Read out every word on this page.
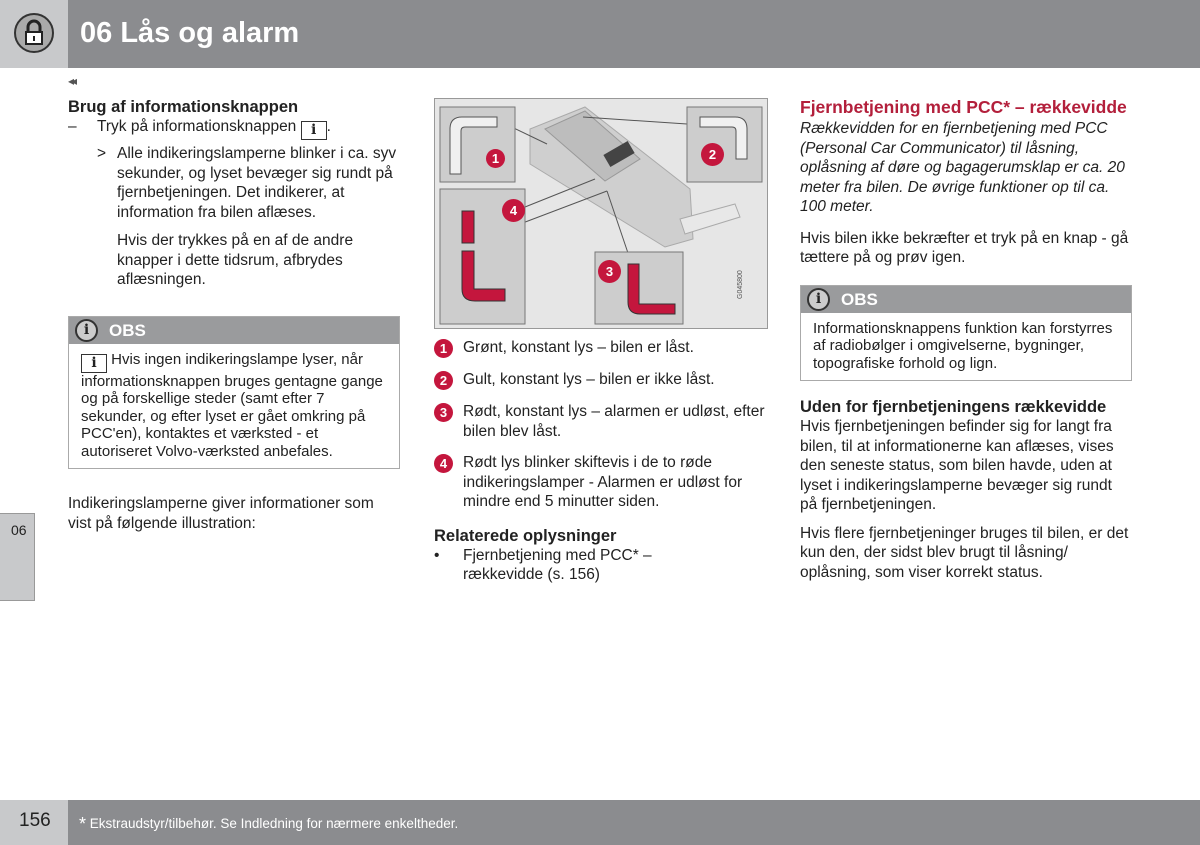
06 Lås og alarm
◂◂
Brug af informationsknappen
–	Tryk på informationsknappen i .
> Alle indikeringslamperne blinker i ca. syv sekunder, og lyset bevæger sig rundt på fjernbetjeningen. Det indikerer, at information fra bilen aflæses.

Hvis der trykkes på en af de andre knapper i dette tidsrum, afbrydes aflæsningen.

i	OBS
i Hvis ingen indikeringslampe lyser, når informationsknappen bruges gentagne gange og på forskellige steder (samt efter 7 sekunder, og efter lyset er gået omkring på PCC'en), kontaktes et værksted - et autoriseret Volvo-værksted anbefales.

Indikeringslamperne giver informationer som vist på følgende illustration:

1	2
3
4
G045800
1	Grønt, konstant lys – bilen er låst.
2	Gult, konstant lys – bilen er ikke låst.
3	Rødt, konstant lys – alarmen er udløst, efter bilen blev låst.
4	Rødt lys blinker skiftevis i de to røde indikeringslamper - Alarmen er udløst for mindre end 5 minutter siden.
Relaterede oplysninger
•	Fjernbetjening med PCC* – rækkevidde (s. 156)
Fjernbetjening med PCC* – rækkevidde

Rækkevidden for en fjernbetjening med PCC (Personal Car Communicator) til låsning, oplåsning af døre og bagagerumsklap er ca. 20 meter fra bilen. De øvrige funktioner op til ca. 100 meter.

Hvis bilen ikke bekræfter et tryk på en knap - gå tættere på og prøv igen.

i	OBS
Informationsknappens funktion kan forstyrres af radiobølger i omgivelserne, bygninger, topografiske forhold og lign.
Uden for fjernbetjeningens rækkevidde

Hvis fjernbetjeningen befinder sig for langt fra bilen, til at informationerne kan aflæses, vises den seneste status, som bilen havde, uden at lyset i indikeringslamperne bevæger sig rundt på fjernbetjeningen.

Hvis flere fjernbetjeninger bruges til bilen, er det kun den, der sidst blev brugt til låsning/ oplåsning, som viser korrekt status.

06
156	* Ekstraudstyr/tilbehør. Se Indledning for nærmere enkeltheder.
